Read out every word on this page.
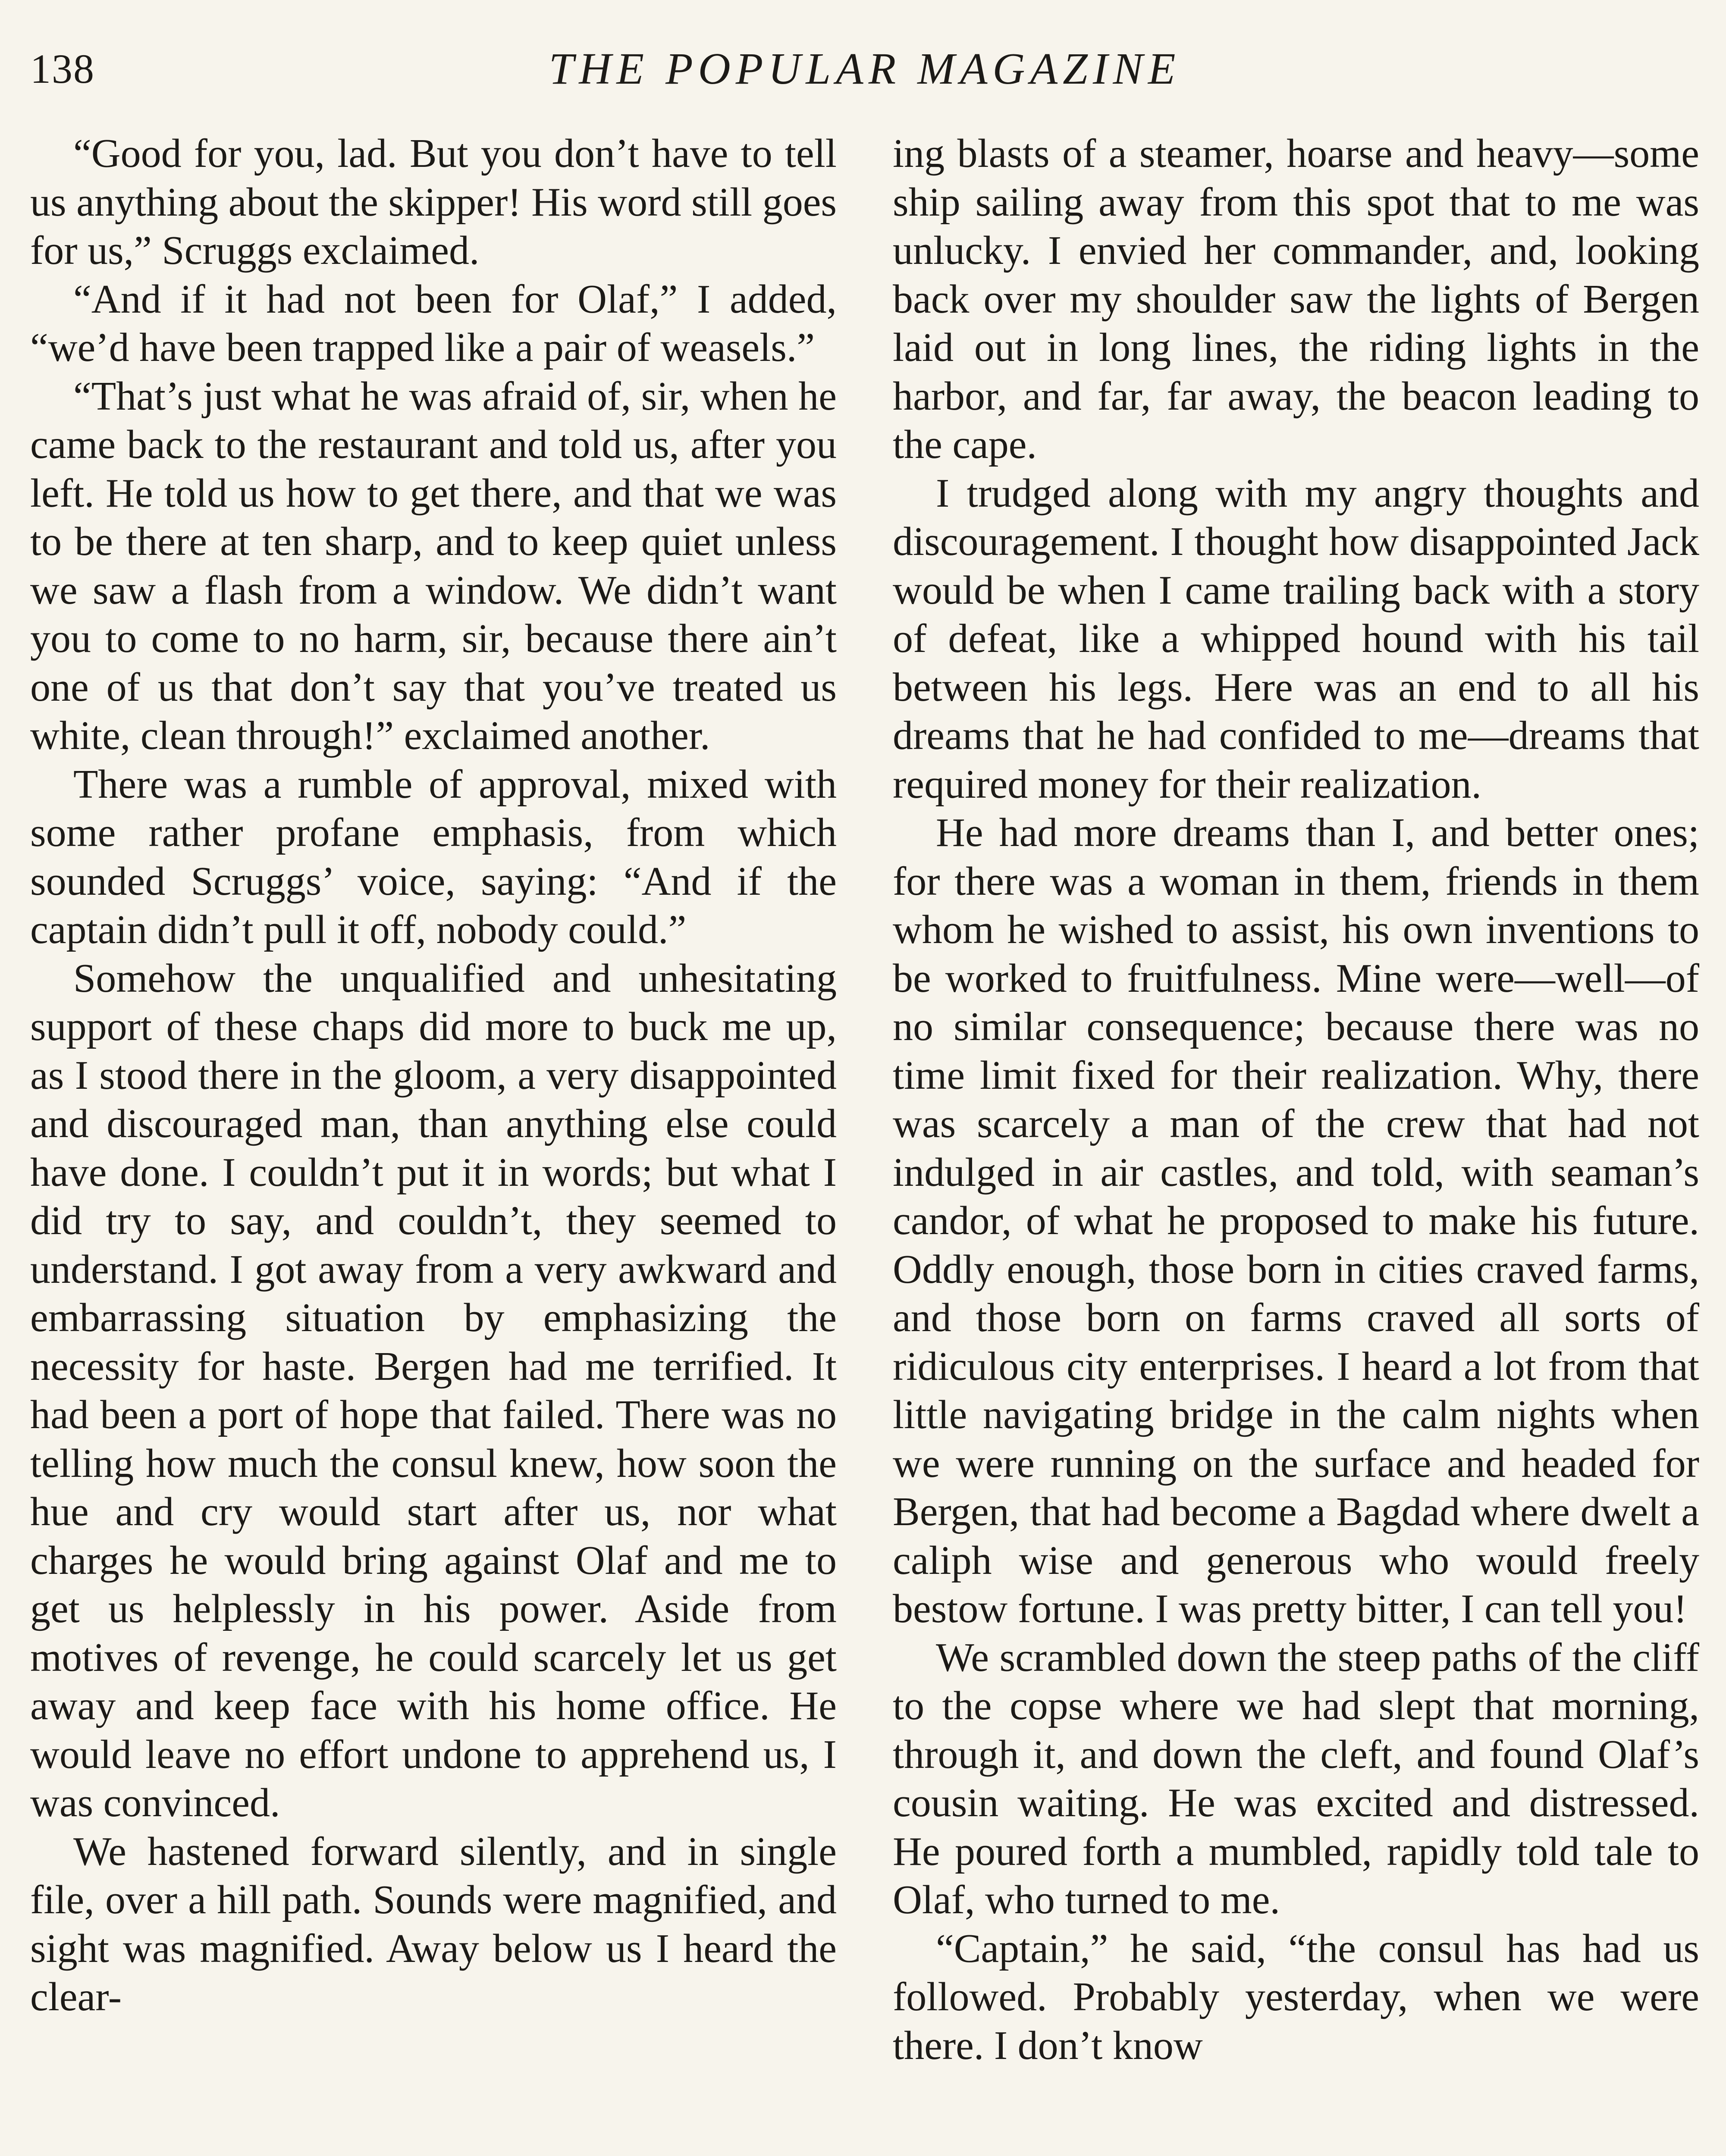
138	THE POPULAR MAGAZINE

“Good for you, lad. But you don’t have to tell us anything about the skipper! His word still goes for us,” Scruggs exclaimed.

“And if it had not been for Olaf,” I added, “we’d have been trapped like a pair of weasels.”

“That’s just what he was afraid of, sir, when he came back to the restaurant and told us, after you left. He told us how to get there, and that we was to be there at ten sharp, and to keep quiet unless we saw a flash from a window. We didn’t want you to come to no harm, sir, because there ain’t one of us that don’t say that you’ve treated us white, clean through!” exclaimed another.

There was a rumble of approval, mixed with some rather profane emphasis, from which sounded Scruggs’ voice, saying: “And if the captain didn’t pull it off, nobody could.”

Somehow the unqualified and unhesitating support of these chaps did more to buck me up, as I stood there in the gloom, a very disappointed and discouraged man, than anything else could have done. I couldn’t put it in words; but what I did try to say, and couldn’t, they seemed to understand. I got away from a very awkward and embarrassing situation by emphasizing the necessity for haste. Bergen had me terrified. It had been a port of hope that failed. There was no telling how much the consul knew, how soon the hue and cry would start after us, nor what charges he would bring against Olaf and me to get us helplessly in his power. Aside from motives of revenge, he could scarcely let us get away and keep face with his home office. He would leave no effort undone to apprehend us, I was convinced.

We hastened forward silently, and in single file, over a hill path. Sounds were magnified, and sight was magnified. Away below us I heard the clear-

ing blasts of a steamer, hoarse and heavy—some ship sailing away from this spot that to me was unlucky. I envied her commander, and, looking back over my shoulder saw the lights of Bergen laid out in long lines, the riding lights in the harbor, and far, far away, the beacon leading to the cape.

I trudged along with my angry thoughts and discouragement. I thought how disappointed Jack would be when I came trailing back with a story of defeat, like a whipped hound with his tail between his legs. Here was an end to all his dreams that he had confided to me—dreams that required money for their realization.

He had more dreams than I, and better ones; for there was a woman in them, friends in them whom he wished to assist, his own inventions to be worked to fruitfulness. Mine were—well—of no similar consequence; because there was no time limit fixed for their realization. Why, there was scarcely a man of the crew that had not indulged in air castles, and told, with seaman’s candor, of what he proposed to make his future. Oddly enough, those born in cities craved farms, and those born on farms craved all sorts of ridiculous city enterprises. I heard a lot from that little navigating bridge in the calm nights when we were running on the surface and headed for Bergen, that had become a Bagdad where dwelt a caliph wise and generous who would freely bestow fortune. I was pretty bitter, I can tell you!

We scrambled down the steep paths of the cliff to the copse where we had slept that morning, through it, and down the cleft, and found Olaf’s cousin waiting. He was excited and distressed. He poured forth a mumbled, rapidly told tale to Olaf, who turned to me.

“Captain,” he said, “the consul has had us followed. Probably yesterday, when we were there. I don’t know
